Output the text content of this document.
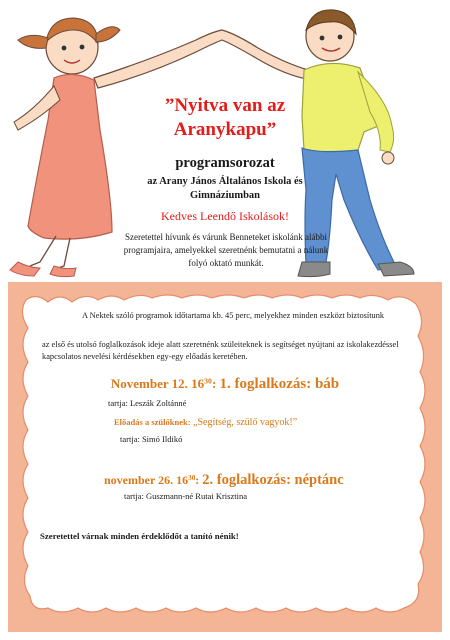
”Nyitva van az
Aranykapu”
programsorozat
az Arany János Általános Iskola és
Gimnáziumban
Kedves Leendő Iskolások!
Szeretettel hívunk és várunk Benneteket iskolánk alábbi programjaira, amelyekkel szeretnénk bemutatni a nálunk folyó oktató munkát.
A Nektek szóló programok időtartama kb. 45 perc, melyekhez minden eszközt biztosítunk
az első és utolsó foglalkozások ideje alatt szeretnénk szüleiteknek is segítséget nyújtani az iskolakezdéssel kapcsolatos nevelési kérdésekben egy-egy előadás keretében.
November 12. $16^{30}$: 1. foglalkozás: báb
tartja: Leszák Zoltánné
Előadás a szülőknek: „Segítség, szülő vagyok!”
tartja: Simó Ildikó
november 26. $16^{30}$: 2. foglalkozás: néptánc
tartja: Guszmann-né Rutai Krisztina
Szeretettel várnak minden érdeklődőt a tanító nénik!
